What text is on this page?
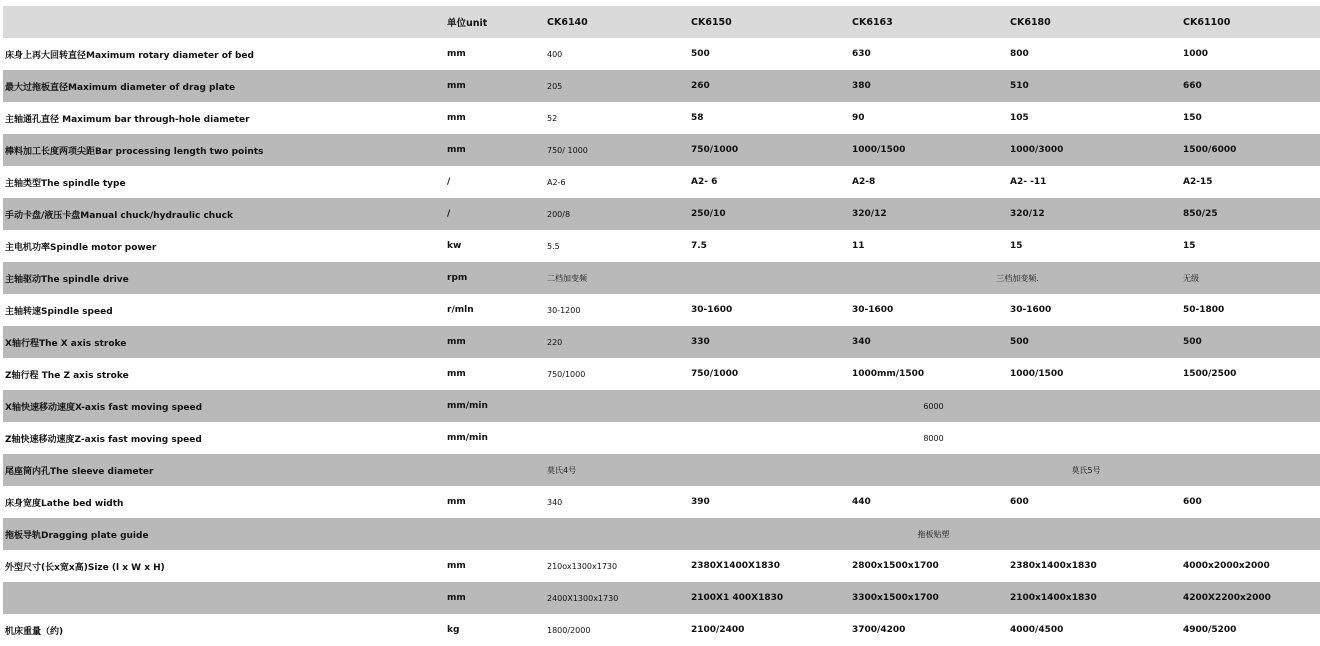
	单位unit	CK6140	CK6150	CK6163	CK6180	CK61100
床身上再大回转直径Maximum rotary diameter of bed	mm	400	500	630	800	1000
最大过拖板直径Maximum diameter of drag plate	mm	205	260	380	510	660
主轴通孔直径 Maximum bar through-hole diameter	mm	52	58	90	105	150
棒料加工长度两项尖距Bar processing length two points	mm	750/ 1000	750/1000	1000/1500	1000/3000	1500/6000
主轴类型The spindle type	/	A2-6	A2- 6	A2-8	A2- -11	A2-15
手动卡盘/液压卡盘Manual chuck/hydraulic chuck	/	200/8	250/10	320/12	320/12	850/25
主电机功率Spindle motor power	kw	5.5	7.5	11	15	15
主轴驱动The spindle drive	rpm	二档加变频		三档加变频.		无级
主轴转速Spindle speed	r/mln	30-1200	30-1600	30-1600	30-1600	50-1800
X轴行程The X axis stroke	mm	220	330	340	500	500
Z轴行程 The Z axis stroke	mm	750/1000	750/1000	1000mm/1500	1000/1500	1500/2500
X轴快速移动速度X-axis fast moving speed	mm/min	6000				
Z轴快速移动速度Z-axis fast moving speed	mm/min	8000				
尾座筒内孔The sleeve diameter		莫氏4号		莫氏5号		
床身宽度Lathe bed width	mm	340	390	440	600	600
拖板导轨Dragging plate guide		拖板贴塑				
外型尺寸(长x宽x高)Size (l x W x H)	mm	210ox1300x1730	2380X1400X1830	2800x1500x1700	2380x1400x1830	4000x2000x2000
	mm	2400X1300x1730	2100X1 400X1830	3300x1500x1700	2100x1400x1830	4200X2200x2000
机床重量（约)	kg	1800/2000	2100/2400	3700/4200	4000/4500	4900/5200
